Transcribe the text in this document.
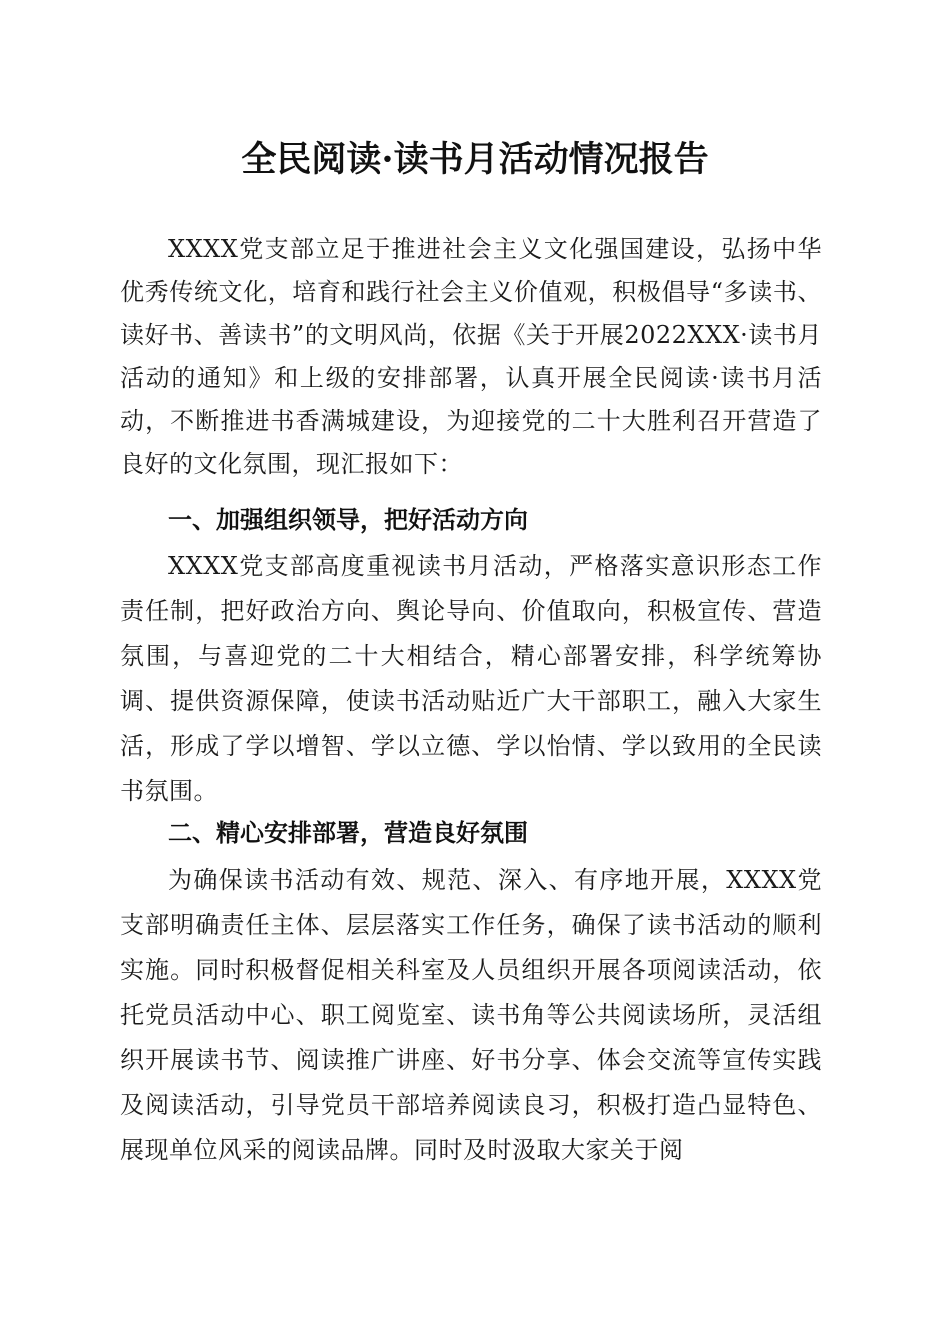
全民阅读·读书月活动情况报告

XXXX党支部立足于推进社会主义文化强国建设，弘扬中华优秀传统文化，培育和践行社会主义价值观，积极倡导“多读书、读好书、善读书”的文明风尚，依据《关于开展2022XXX·读书月活动的通知》和上级的安排部署，认真开展全民阅读·读书月活动，不断推进书香满城建设，为迎接党的二十大胜利召开营造了良好的文化氛围，现汇报如下：

一、加强组织领导，把好活动方向

XXXX党支部高度重视读书月活动，严格落实意识形态工作责任制，把好政治方向、舆论导向、价值取向，积极宣传、营造氛围，与喜迎党的二十大相结合，精心部署安排，科学统筹协调、提供资源保障，使读书活动贴近广大干部职工，融入大家生活，形成了学以增智、学以立德、学以怡情、学以致用的全民读书氛围。

二、精心安排部署，营造良好氛围

为确保读书活动有效、规范、深入、有序地开展，XXXX党支部明确责任主体、层层落实工作任务，确保了读书活动的顺利实施。同时积极督促相关科室及人员组织开展各项阅读活动，依托党员活动中心、职工阅览室、读书角等公共阅读场所，灵活组织开展读书节、阅读推广讲座、好书分享、体会交流等宣传实践及阅读活动，引导党员干部培养阅读良习，积极打造凸显特色、展现单位风采的阅读品牌。同时及时汲取大家关于阅
